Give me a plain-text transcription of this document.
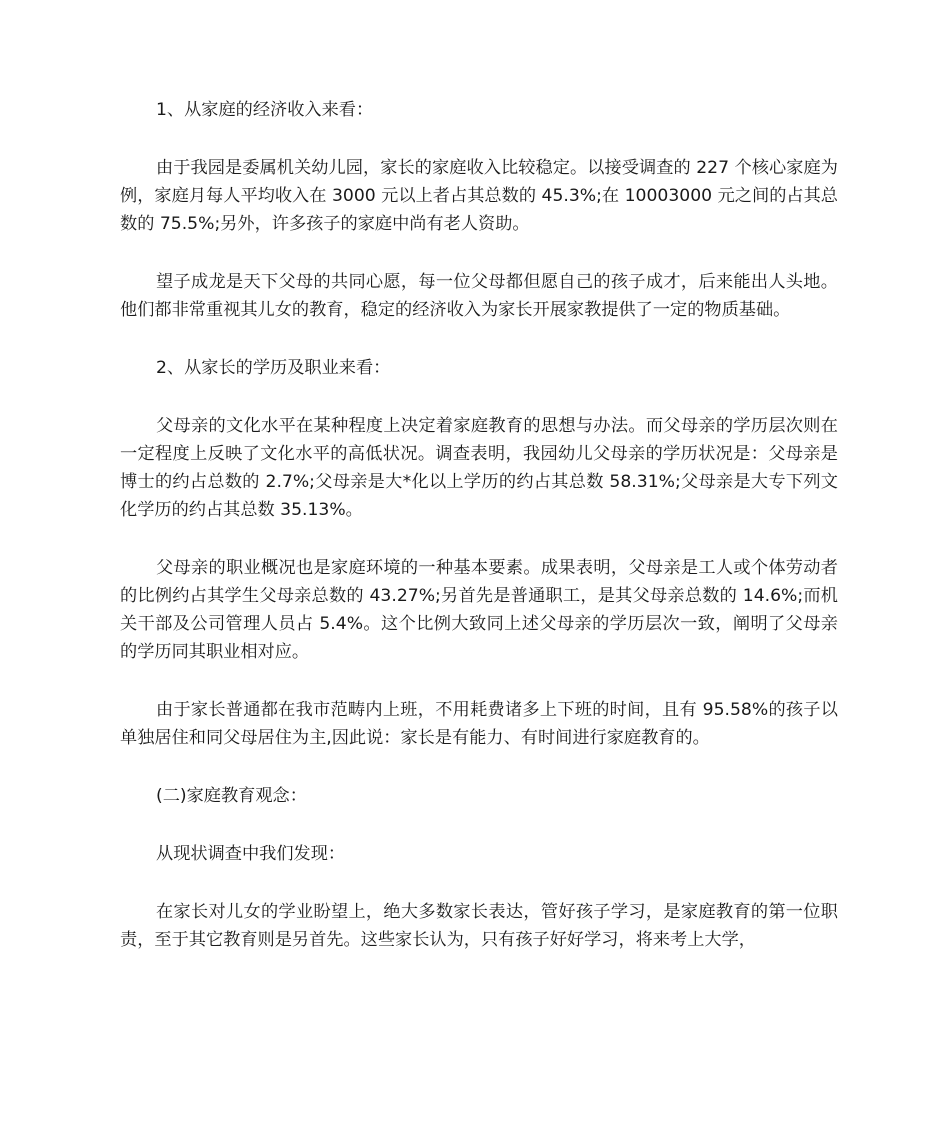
1、从家庭的经济收入来看：

由于我园是委属机关幼儿园，家长的家庭收入比较稳定。以接受调查的 227 个核心家庭为例，家庭月每人平均收入在 3000 元以上者占其总数的 45.3%;在 10003000 元之间的占其总数的 75.5%;另外，许多孩子的家庭中尚有老人资助。

望子成龙是天下父母的共同心愿，每一位父母都但愿自己的孩子成才，后来能出人头地。他们都非常重视其儿女的教育，稳定的经济收入为家长开展家教提供了一定的物质基础。

2、从家长的学历及职业来看：

父母亲的文化水平在某种程度上决定着家庭教育的思想与办法。而父母亲的学历层次则在一定程度上反映了文化水平的高低状况。调查表明，我园幼儿父母亲的学历状况是：父母亲是博士的约占总数的 2.7%;父母亲是大*化以上学历的约占其总数 58.31%;父母亲是大专下列文化学历的约占其总数 35.13%。

父母亲的职业概况也是家庭环境的一种基本要素。成果表明，父母亲是工人或个体劳动者的比例约占其学生父母亲总数的 43.27%;另首先是普通职工，是其父母亲总数的 14.6%;而机关干部及公司管理人员占 5.4%。这个比例大致同上述父母亲的学历层次一致，阐明了父母亲的学历同其职业相对应。

由于家长普通都在我市范畴内上班，不用耗费诸多上下班的时间，且有 95.58%的孩子以单独居住和同父母居住为主,因此说：家长是有能力、有时间进行家庭教育的。

(二)家庭教育观念：

从现状调查中我们发现：

在家长对儿女的学业盼望上，绝大多数家长表达，管好孩子学习，是家庭教育的第一位职责，至于其它教育则是另首先。这些家长认为，只有孩子好好学习，将来考上大学，
